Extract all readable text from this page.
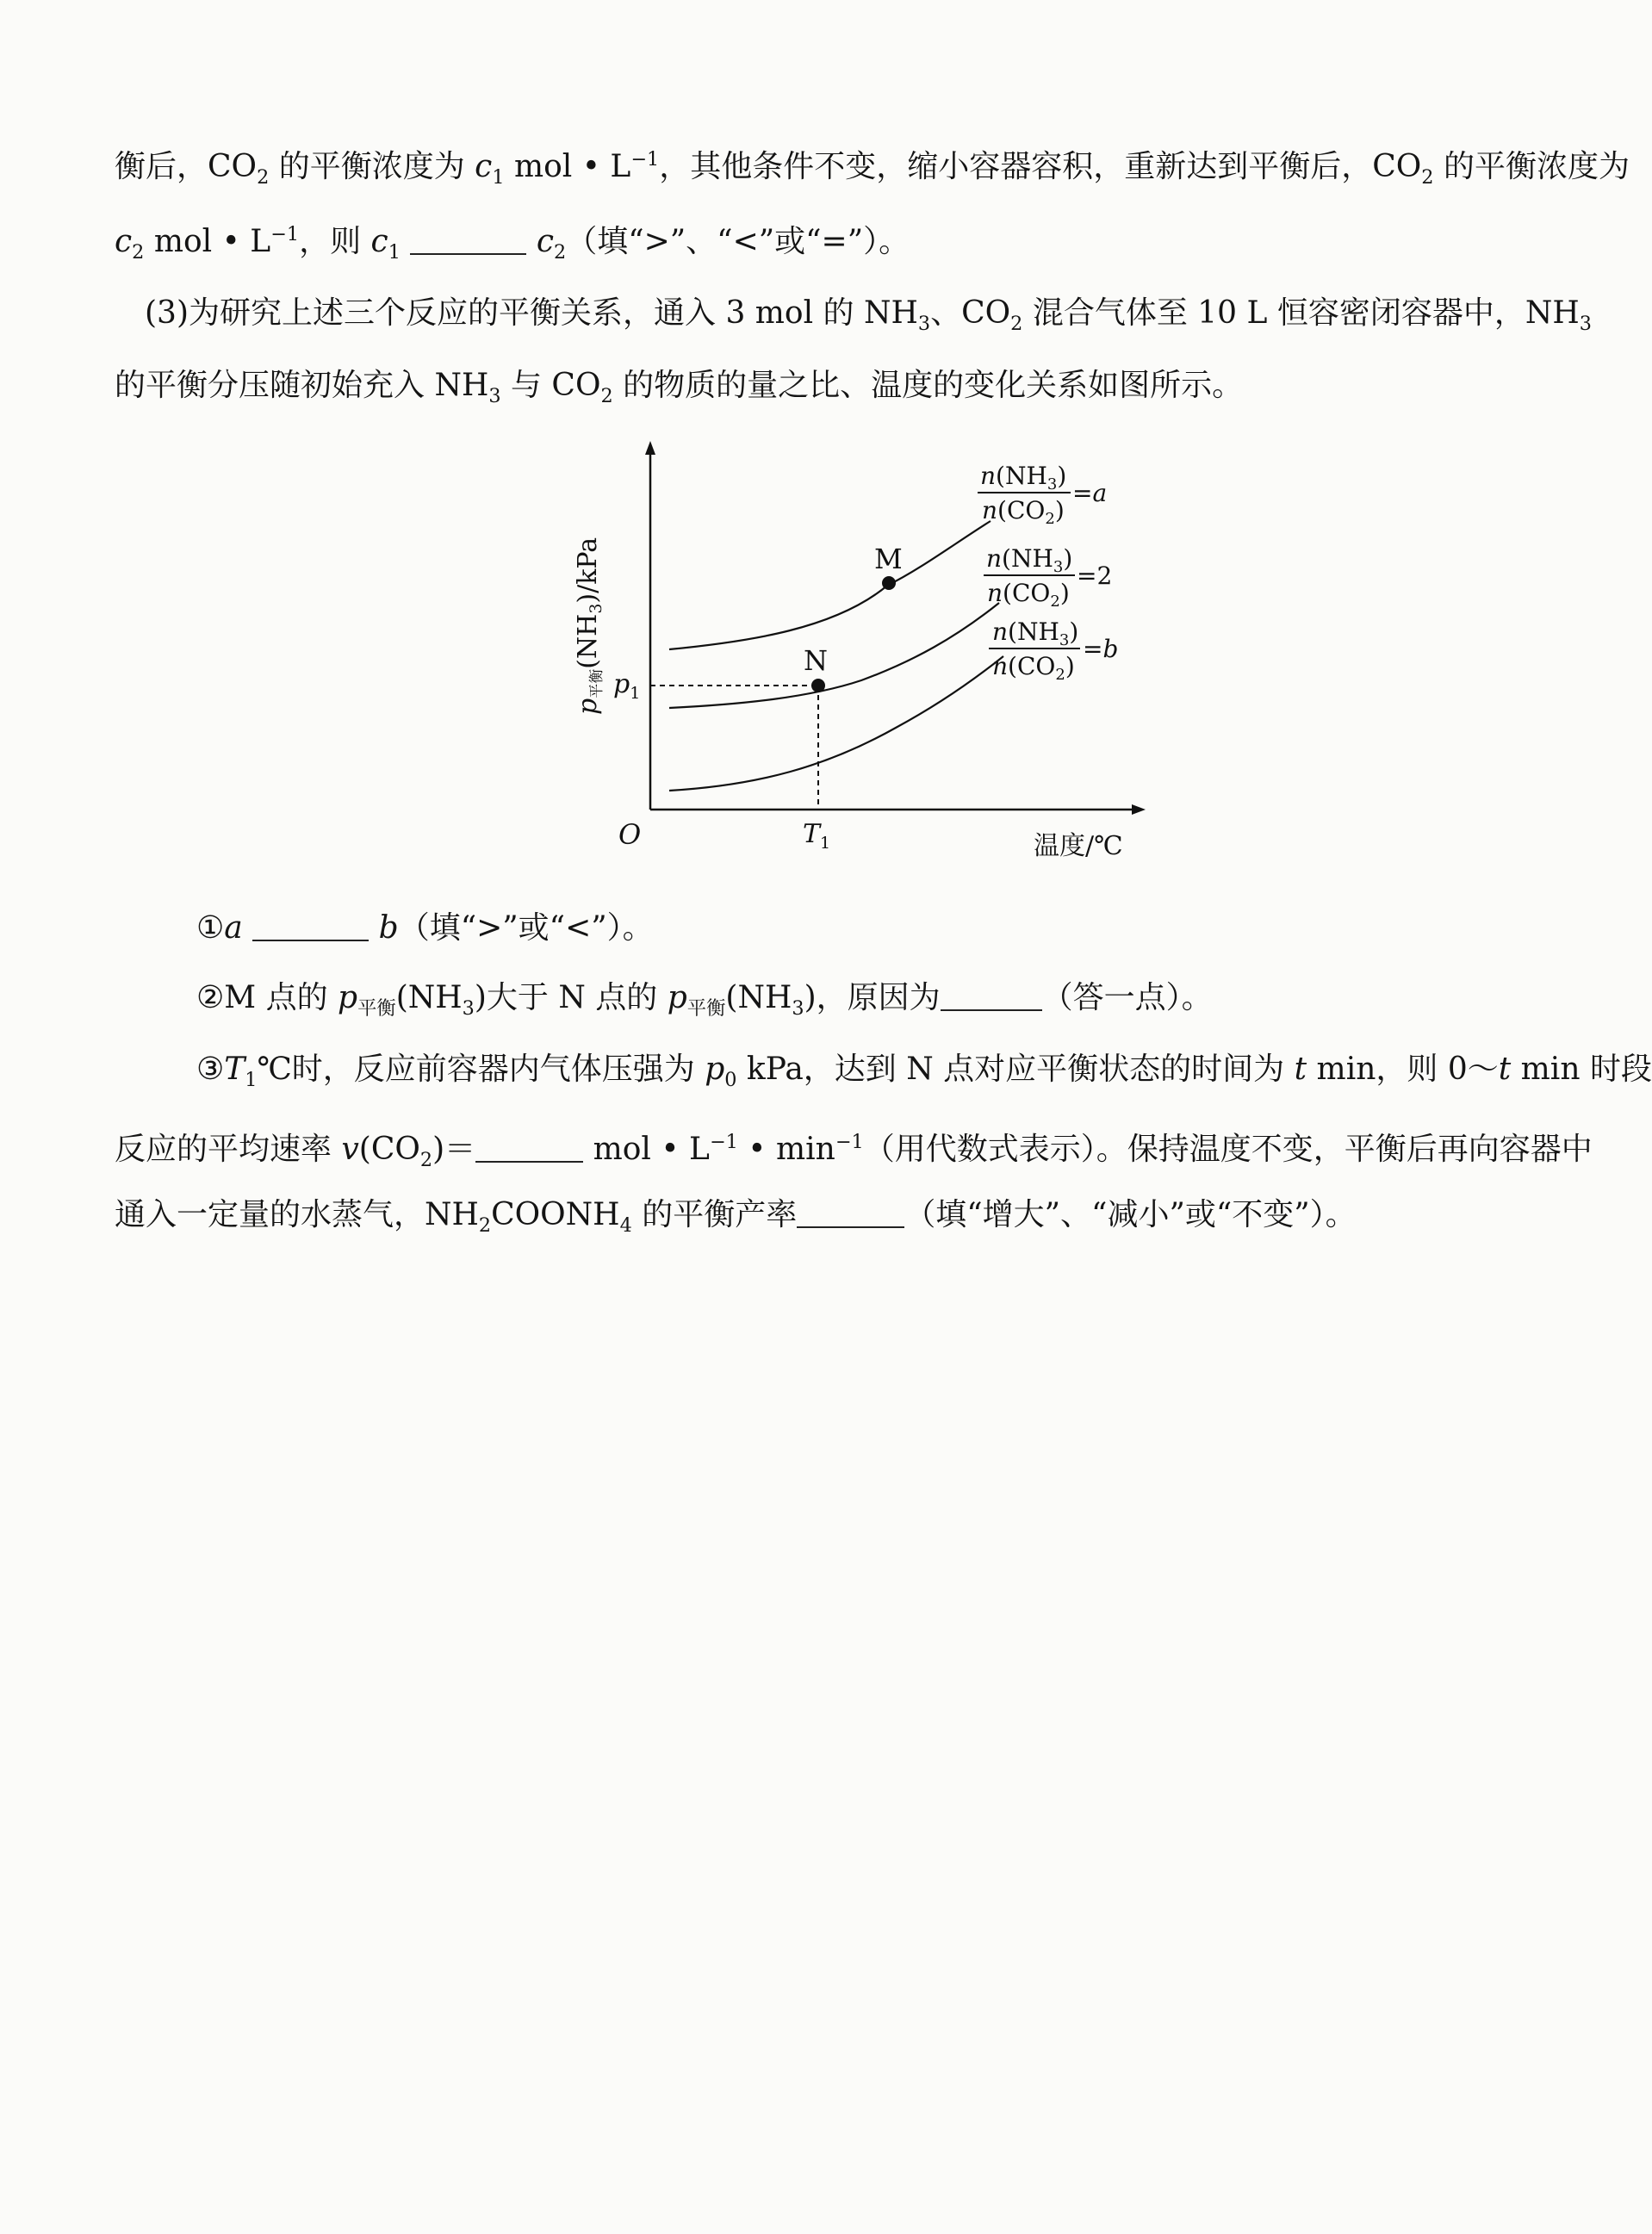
衡后，$CO_2$ 的平衡浓度为 $c_1$ mol • $L^{-1}$，其他条件不变，缩小容器容积，重新达到平衡后，$CO_2$ 的平衡浓度为
$c_2$ mol • $L^{-1}$，则 $c_1$	$c_2$（填“>”、“<”或“=”）。
(3)为研究上述三个反应的平衡关系，通入 3 mol 的 $NH_3$、$CO_2$ 混合气体至 10 L 恒容密闭容器中，$NH_3$
的平衡分压随初始充入 $NH_3$ 与 $CO_2$ 的物质的量之比、温度的变化关系如图所示。
M
N
O
$p_1$
$T_1$	温度/℃
$p_{平衡}(NH_3)$/kPa
$n(NH_3)$
$n(CO_2)$
=a
$n(NH_3)$
$n(CO_2)$
=2
$n(NH_3)$
$n(CO_2)$
=b
①a	b（填“>”或“<”）。
②M 点的 $p_{平衡}(NH_3)$大于 N 点的 $p_{平衡}(NH_3)$，原因为	（答一点）。
$③T_1℃$时，反应前容器内气体压强为 $p_0$ kPa，达到 N 点对应平衡状态的时间为 t min，则 0～t min 时段
反应的平均速率 $v(CO_2)=$	mol • $L^{-1}$ • $\min^{-1}$（用代数式表示）。保持温度不变，平衡后再向容器中
通入一定量的水蒸气，$NH_2COONH_4$ 的平衡产率	（填“增大”、“减小”或“不变”）。
